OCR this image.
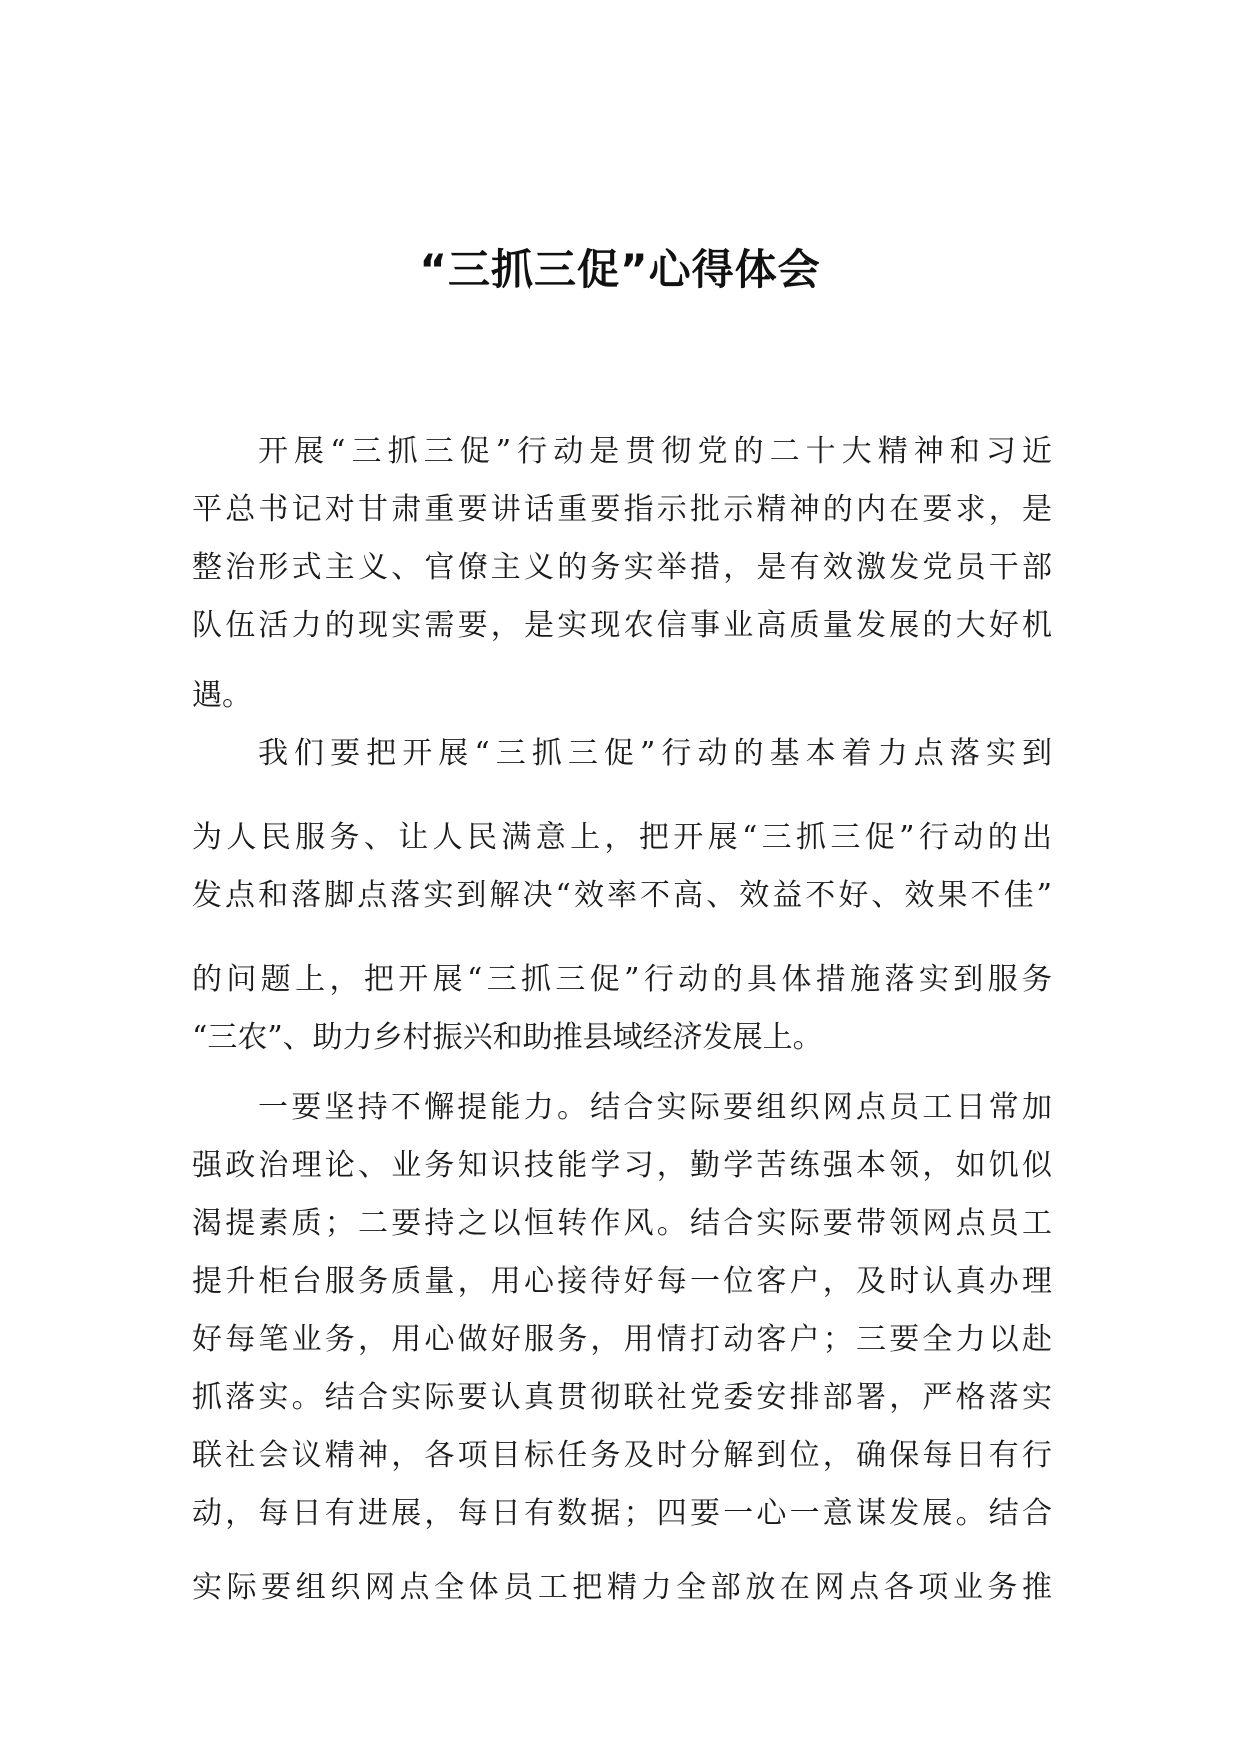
“三抓三促”心得体会
开展“三抓三促”行动是贯彻党的二十大精神和习近
平总书记对甘肃重要讲话重要指示批示精神的内在要求，是
整治形式主义、官僚主义的务实举措，是有效激发党员干部
队伍活力的现实需要，是实现农信事业高质量发展的大好机
遇。
我们要把开展“三抓三促”行动的基本着力点落实到
为人民服务、让人民满意上，把开展“三抓三促”行动的出
发点和落脚点落实到解决“效率不高、效益不好、效果不佳”
的问题上，把开展“三抓三促”行动的具体措施落实到服务
“三农”、助力乡村振兴和助推县域经济发展上。
一要坚持不懈提能力。结合实际要组织网点员工日常加
强政治理论、业务知识技能学习，勤学苦练强本领，如饥似
渴提素质；二要持之以恒转作风。结合实际要带领网点员工
提升柜台服务质量，用心接待好每一位客户，及时认真办理
好每笔业务，用心做好服务，用情打动客户；三要全力以赴
抓落实。结合实际要认真贯彻联社党委安排部署，严格落实
联社会议精神，各项目标任务及时分解到位，确保每日有行
动，每日有进展，每日有数据；四要一心一意谋发展。结合
实际要组织网点全体员工把精力全部放在网点各项业务推
